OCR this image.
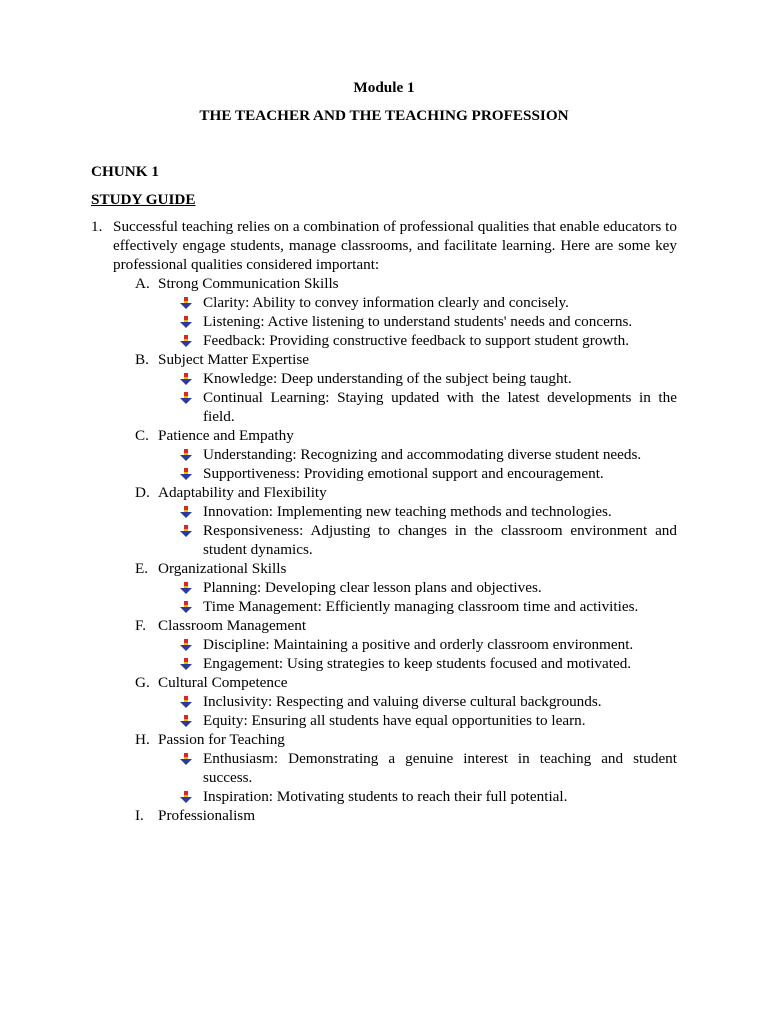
Module 1
THE TEACHER AND THE TEACHING PROFESSION
CHUNK 1
STUDY GUIDE
1. Successful teaching relies on a combination of professional qualities that enable educators to effectively engage students, manage classrooms, and facilitate learning. Here are some key professional qualities considered important:
A. Strong Communication Skills
Clarity: Ability to convey information clearly and concisely.
Listening: Active listening to understand students' needs and concerns.
Feedback: Providing constructive feedback to support student growth.
B. Subject Matter Expertise
Knowledge: Deep understanding of the subject being taught.
Continual Learning: Staying updated with the latest developments in the field.
C. Patience and Empathy
Understanding: Recognizing and accommodating diverse student needs.
Supportiveness: Providing emotional support and encouragement.
D. Adaptability and Flexibility
Innovation: Implementing new teaching methods and technologies.
Responsiveness: Adjusting to changes in the classroom environment and student dynamics.
E. Organizational Skills
Planning: Developing clear lesson plans and objectives.
Time Management: Efficiently managing classroom time and activities.
F. Classroom Management
Discipline: Maintaining a positive and orderly classroom environment.
Engagement: Using strategies to keep students focused and motivated.
G. Cultural Competence
Inclusivity: Respecting and valuing diverse cultural backgrounds.
Equity: Ensuring all students have equal opportunities to learn.
H. Passion for Teaching
Enthusiasm: Demonstrating a genuine interest in teaching and student success.
Inspiration: Motivating students to reach their full potential.
I. Professionalism
